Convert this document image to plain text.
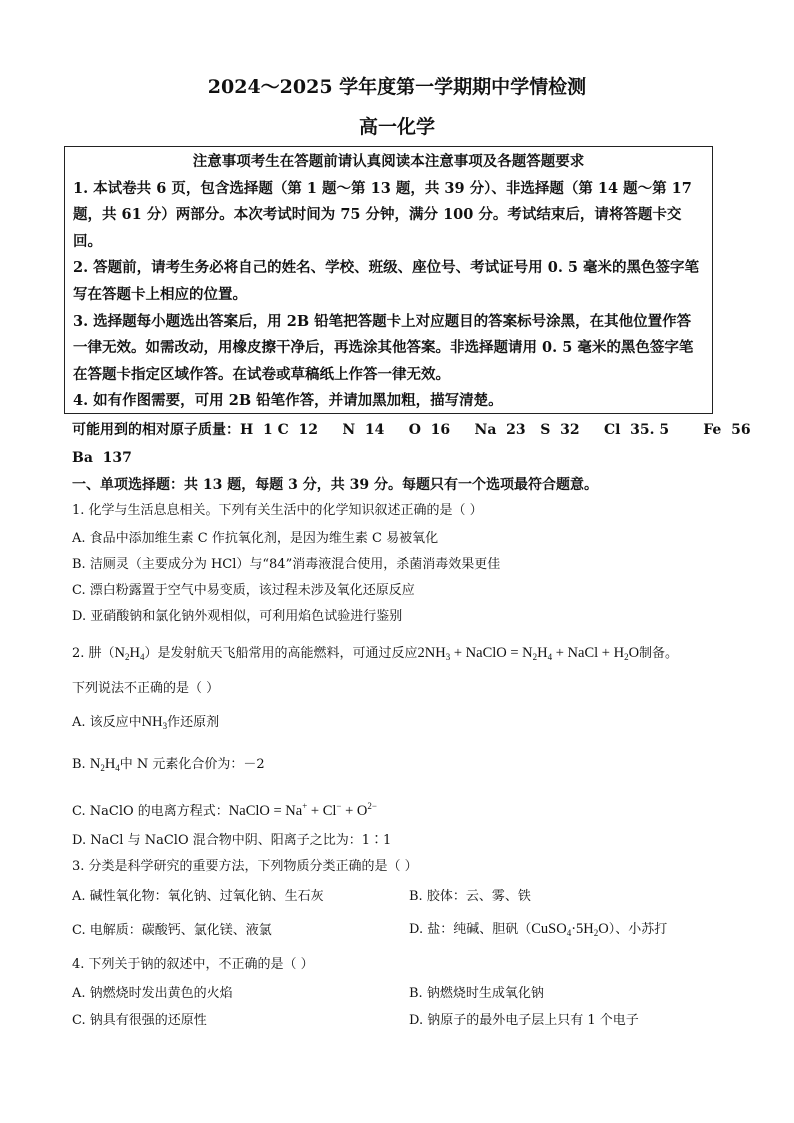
2024～2025 学年度第一学期期中学情检测
高一化学
注意事项考生在答题前请认真阅读本注意事项及各题答题要求

1. 本试卷共 6 页，包含选择题（第 1 题～第 13 题，共 39 分）、非选择题（第 14 题～第 17 题，共 61 分）两部分。本次考试时间为 75 分钟，满分 100 分。考试结束后，请将答题卡交回。

2. 答题前，请考生务必将自己的姓名、学校、班级、座位号、考试证号用 0. 5 毫米的黑色签字笔写在答题卡上相应的位置。

3. 选择题每小题选出答案后，用 2B 铅笔把答题卡上对应题目的答案标号涂黑，在其他位置作答一律无效。如需改动，用橡皮擦干净后，再选涂其他答案。非选择题请用 0. 5 毫米的黑色签字笔在答题卡指定区域作答。在试卷或草稿纸上作答一律无效。

4. 如有作图需要，可用 2B 铅笔作答，并请加黑加粗，描写清楚。

可能用到的相对原子质量：H  1 C  12     N  14     O  16     Na  23   S  32     Cl  35. 5       Fe  56
Ba  137
一、单项选择题：共 13 题，每题 3 分，共 39 分。每题只有一个选项最符合题意。
1. 化学与生活息息相关。下列有关生活中的化学知识叙述正确的是（ ）
A. 食品中添加维生素 C 作抗氧化剂，是因为维生素 C 易被氧化
B. 洁厕灵（主要成分为 HCl）与“84”消毒液混合使用，杀菌消毒效果更佳
C. 漂白粉露置于空气中易变质，该过程未涉及氧化还原反应
D. 亚硝酸钠和氯化钠外观相似，可利用焰色试验进行鉴别
2. 肼$(N_2H_4)$是发射航天飞船常用的高能燃料，可通过反应$2NH_3$ + NaClO = $N_2H_4$ + NaCl + $H_2O$制备。
下列说法不正确的是（ ）
A. 该反应中$NH_3$作还原剂
B. $N_2H_4$中 N 元素化合价为：－2
C. NaClO 的电离方程式：NaClO = $Na^+ + Cl^- + O^{2-}$
D. NaCl 与 NaClO 混合物中阴、阳离子之比为：1∶1
3. 分类是科学研究的重要方法，下列物质分类正确的是（ ）
A. 碱性氧化物：氧化钠、过氧化钠、生石灰	B. 胶体：云、雾、铁
C. 电解质：碳酸钙、氯化镁、液氯	D. 盐：纯碱、胆矾$(CuSO_4\cdot 5H_2O)$、小苏打
4. 下列关于钠的叙述中，不正确的是（ ）
A. 钠燃烧时发出黄色的火焰	B. 钠燃烧时生成氧化钠
C. 钠具有很强的还原性	D. 钠原子的最外电子层上只有 1 个电子
